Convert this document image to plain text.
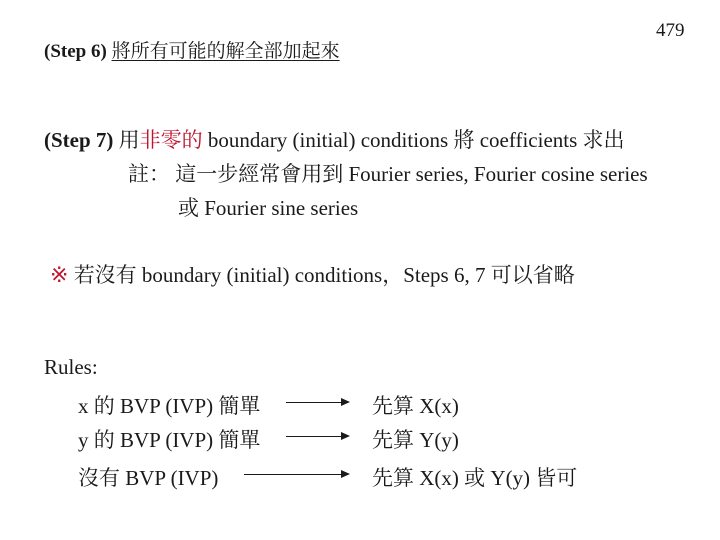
479
(Step 6) 將所有可能的解全部加起來
(Step 7) 用非零的 boundary (initial) conditions 將 coefficients 求出
註： 這一步經常會用到 Fourier series, Fourier cosine series
或 Fourier sine series
※ 若沒有 boundary (initial) conditions，Steps 6, 7 可以省略
Rules:
x 的 BVP (IVP) 簡單	先算 X(x)
y 的 BVP (IVP) 簡單	先算 Y(y)
沒有 BVP (IVP)	先算 X(x) 或 Y(y) 皆可
